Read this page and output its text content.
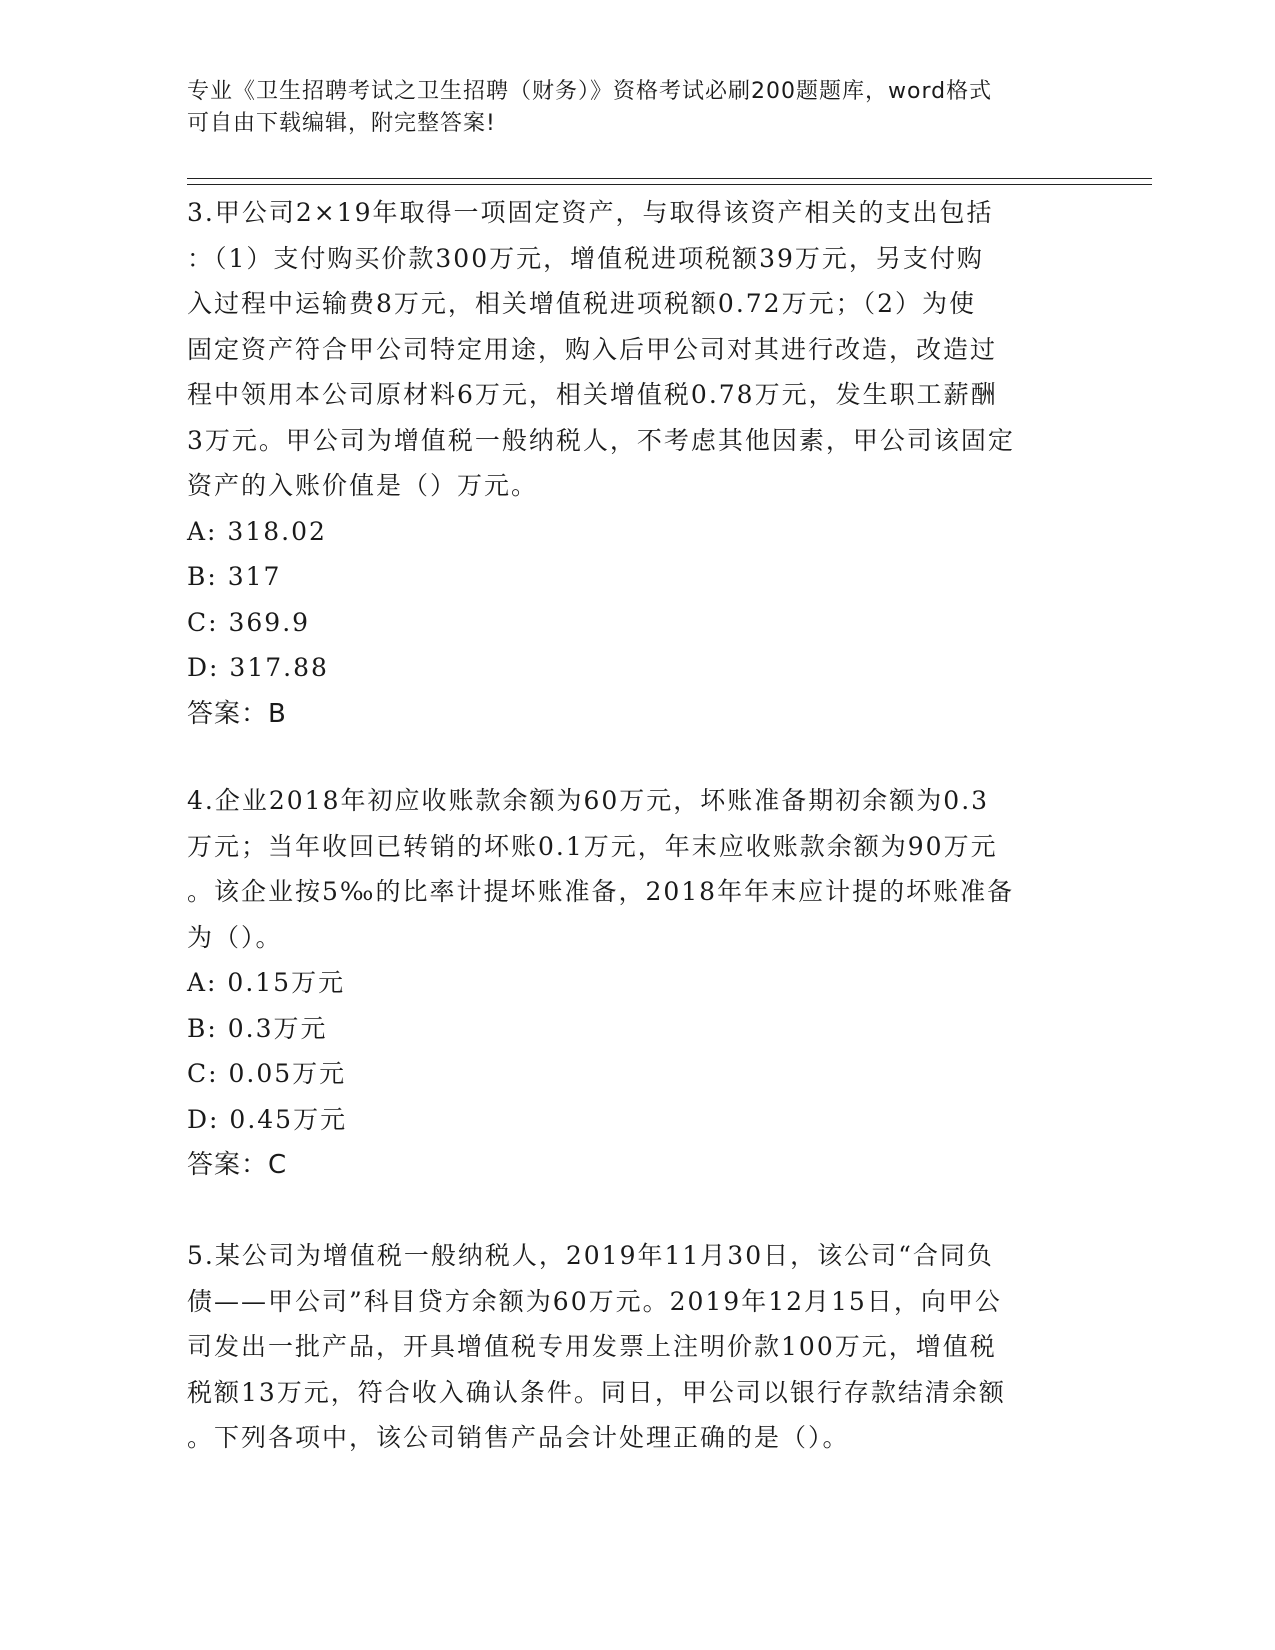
专业《卫生招聘考试之卫生招聘（财务）》资格考试必刷200题题库，word格式
可自由下载编辑，附完整答案!

3.甲公司2×19年取得一项固定资产，与取得该资产相关的支出包括

：（1）支付购买价款300万元，增值税进项税额39万元，另支付购

入过程中运输费8万元，相关增值税进项税额0.72万元；（2）为使

固定资产符合甲公司特定用途，购入后甲公司对其进行改造，改造过

程中领用本公司原材料6万元，相关增值税0.78万元，发生职工薪酬

3万元。甲公司为增值税一般纳税人，不考虑其他因素，甲公司该固定

资产的入账价值是（）万元。

A: 318.02

B: 317

C: 369.9

D: 317.88

答案：B

4.企业2018年初应收账款余额为60万元，坏账准备期初余额为0.3

万元；当年收回已转销的坏账0.1万元，年末应收账款余额为90万元

。该企业按5‰的比率计提坏账准备，2018年年末应计提的坏账准备

为（）。

A: 0.15万元

B: 0.3万元

C: 0.05万元

D: 0.45万元

答案：C

5.某公司为增值税一般纳税人，2019年11月30日，该公司“合同负

债——甲公司”科目贷方余额为60万元。2019年12月15日，向甲公

司发出一批产品，开具增值税专用发票上注明价款100万元，增值税

税额13万元，符合收入确认条件。同日，甲公司以银行存款结清余额

。下列各项中，该公司销售产品会计处理正确的是（）。
